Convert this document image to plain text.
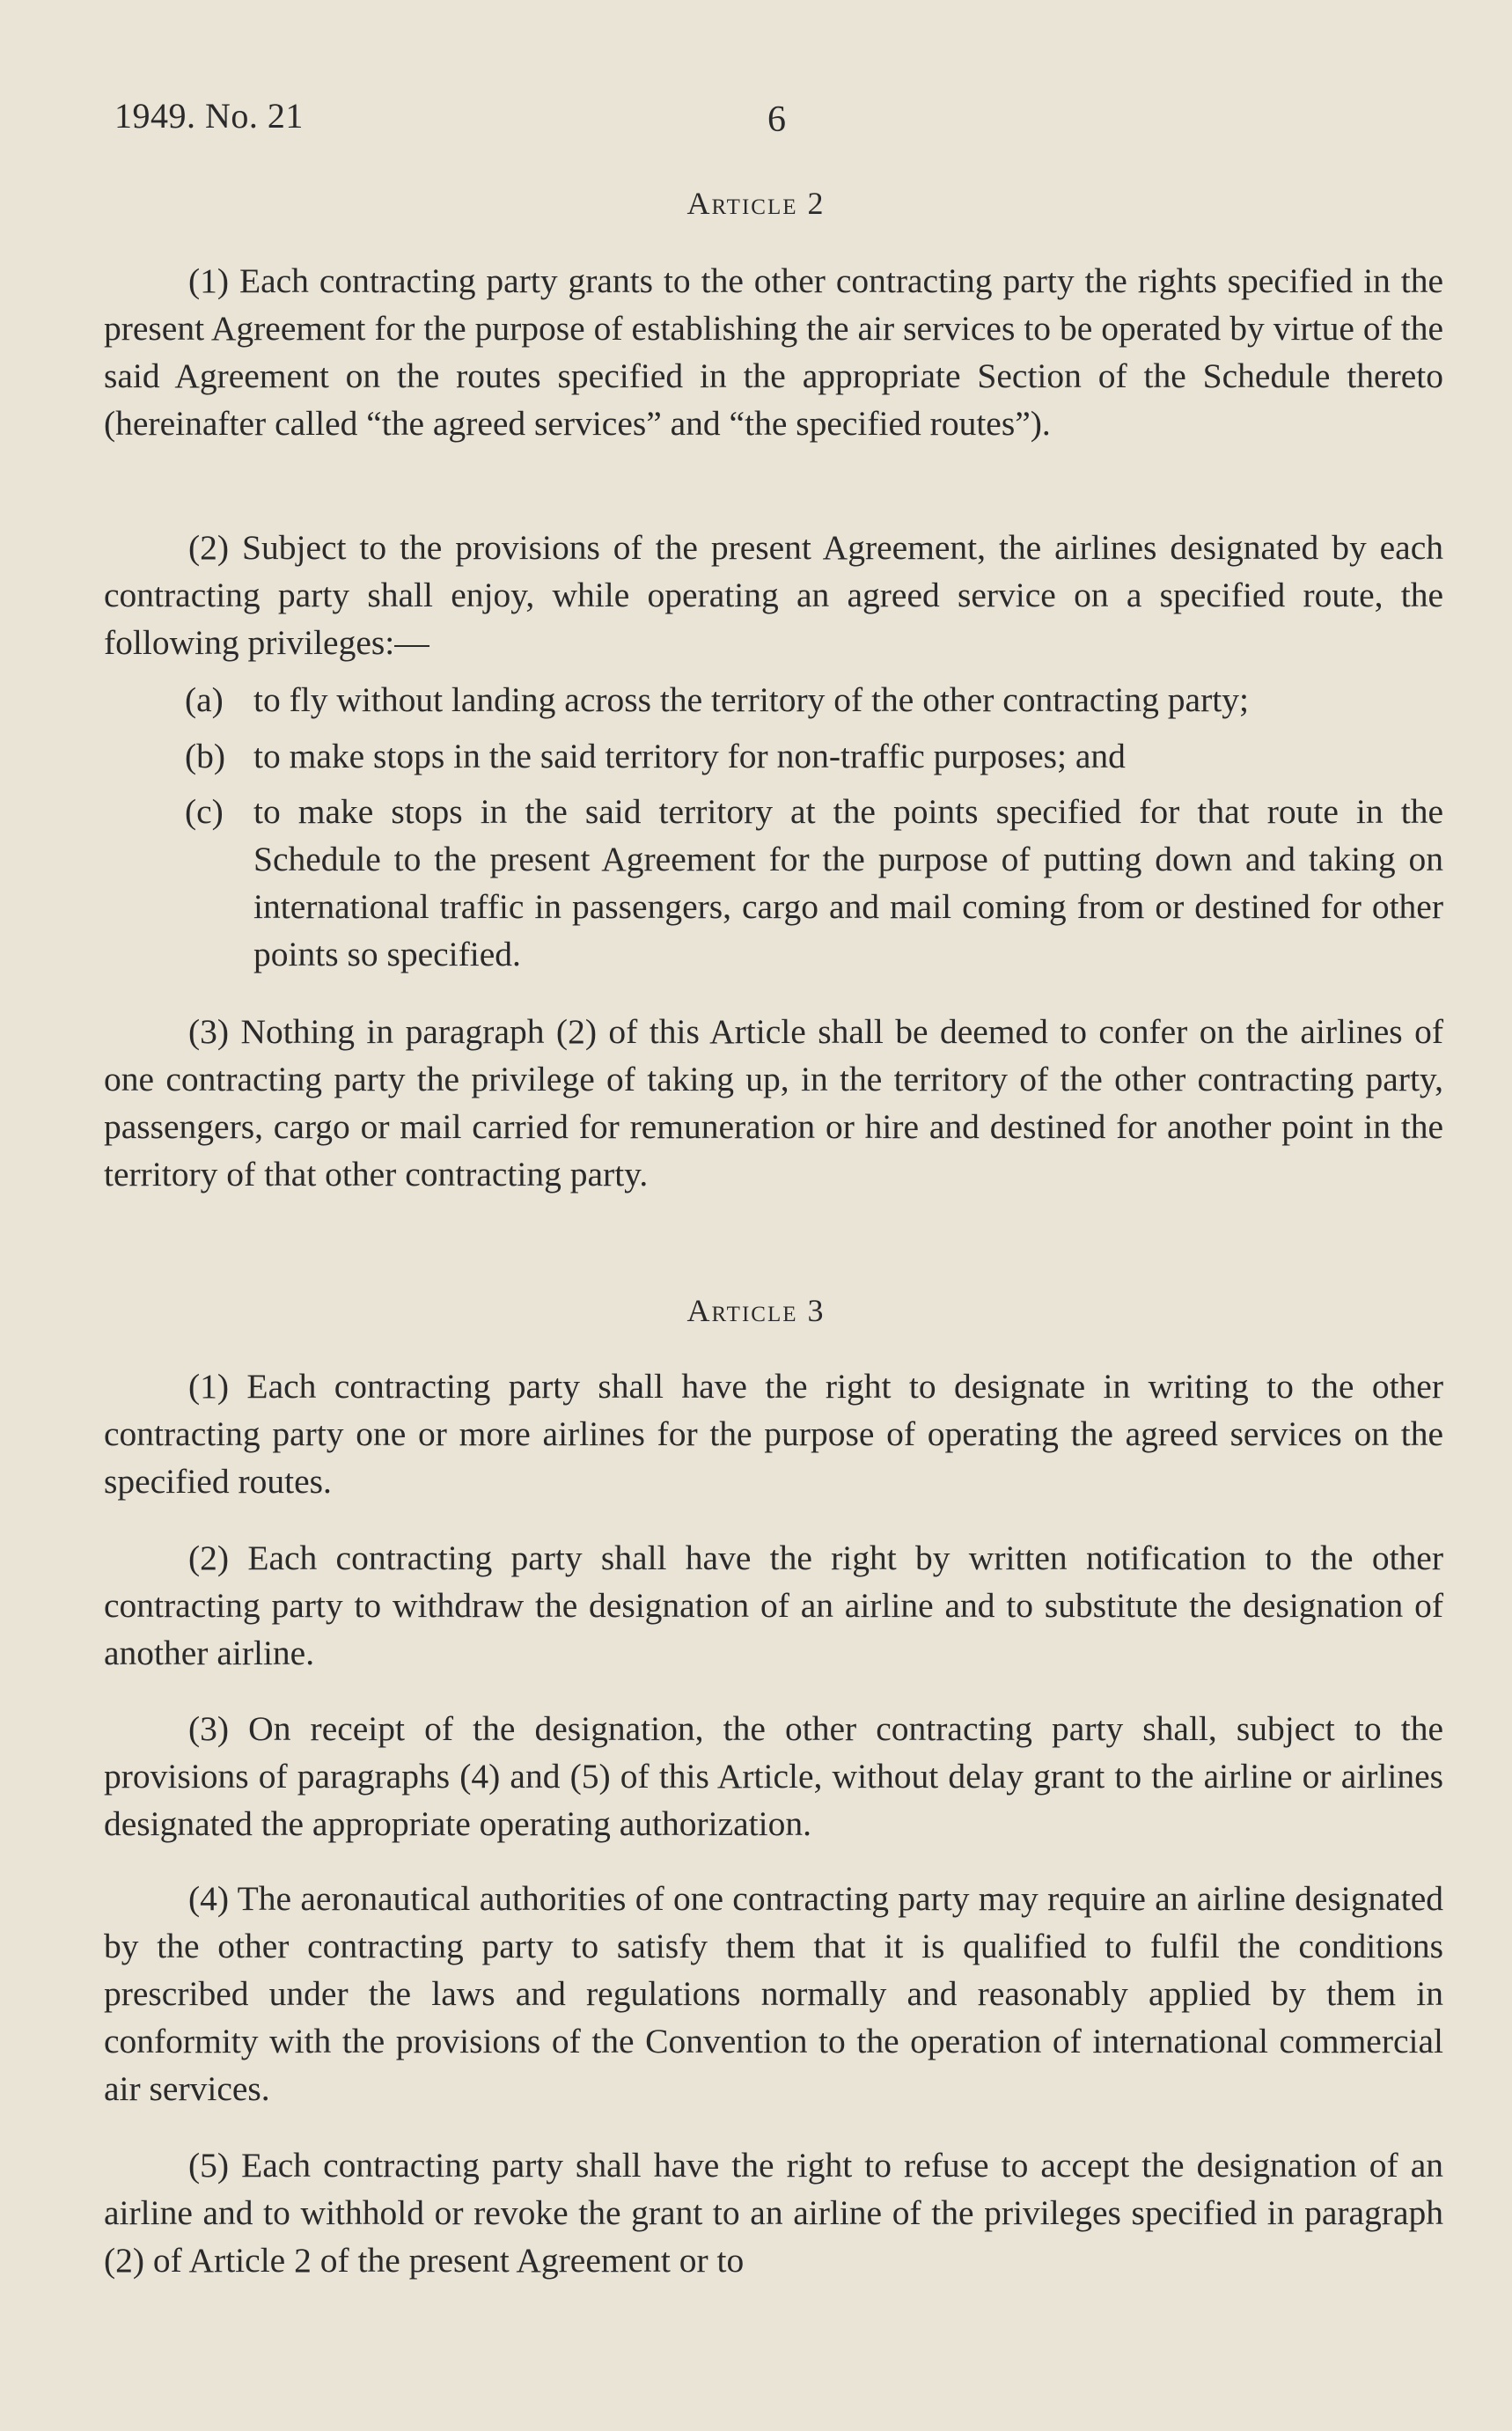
1949. No. 21	6
Article 2

(1) Each contracting party grants to the other contracting party the rights specified in the present Agreement for the purpose of establishing the air services to be operated by virtue of the said Agreement on the routes specified in the appropriate Section of the Schedule thereto (hereinafter called “the agreed services” and “the specified routes”).

(2) Subject to the provisions of the present Agreement, the airlines designated by each contracting party shall enjoy, while operating an agreed service on a specified route, the following privileges:—

(a) to fly without landing across the territory of the other contracting party;

(b) to make stops in the said territory for non-traffic purposes; and

(c) to make stops in the said territory at the points specified for that route in the Schedule to the present Agreement for the purpose of putting down and taking on international traffic in passengers, cargo and mail coming from or destined for other points so specified.

(3) Nothing in paragraph (2) of this Article shall be deemed to confer on the airlines of one contracting party the privilege of taking up, in the territory of the other contracting party, passengers, cargo or mail carried for remuneration or hire and destined for another point in the territory of that other contracting party.

Article 3

(1) Each contracting party shall have the right to designate in writing to the other contracting party one or more airlines for the purpose of operating the agreed services on the specified routes.

(2) Each contracting party shall have the right by written notification to the other contracting party to withdraw the designation of an airline and to substitute the designation of another airline.

(3) On receipt of the designation, the other contracting party shall, subject to the provisions of paragraphs (4) and (5) of this Article, without delay grant to the airline or airlines designated the appropriate operating authorization.

(4) The aeronautical authorities of one contracting party may require an airline designated by the other contracting party to satisfy them that it is qualified to fulfil the conditions prescribed under the laws and regulations normally and reasonably applied by them in conformity with the provisions of the Convention to the operation of international commercial air services.

(5) Each contracting party shall have the right to refuse to accept the designation of an airline and to withhold or revoke the grant to an airline of the privileges specified in paragraph (2) of Article 2 of the present Agreement or to
